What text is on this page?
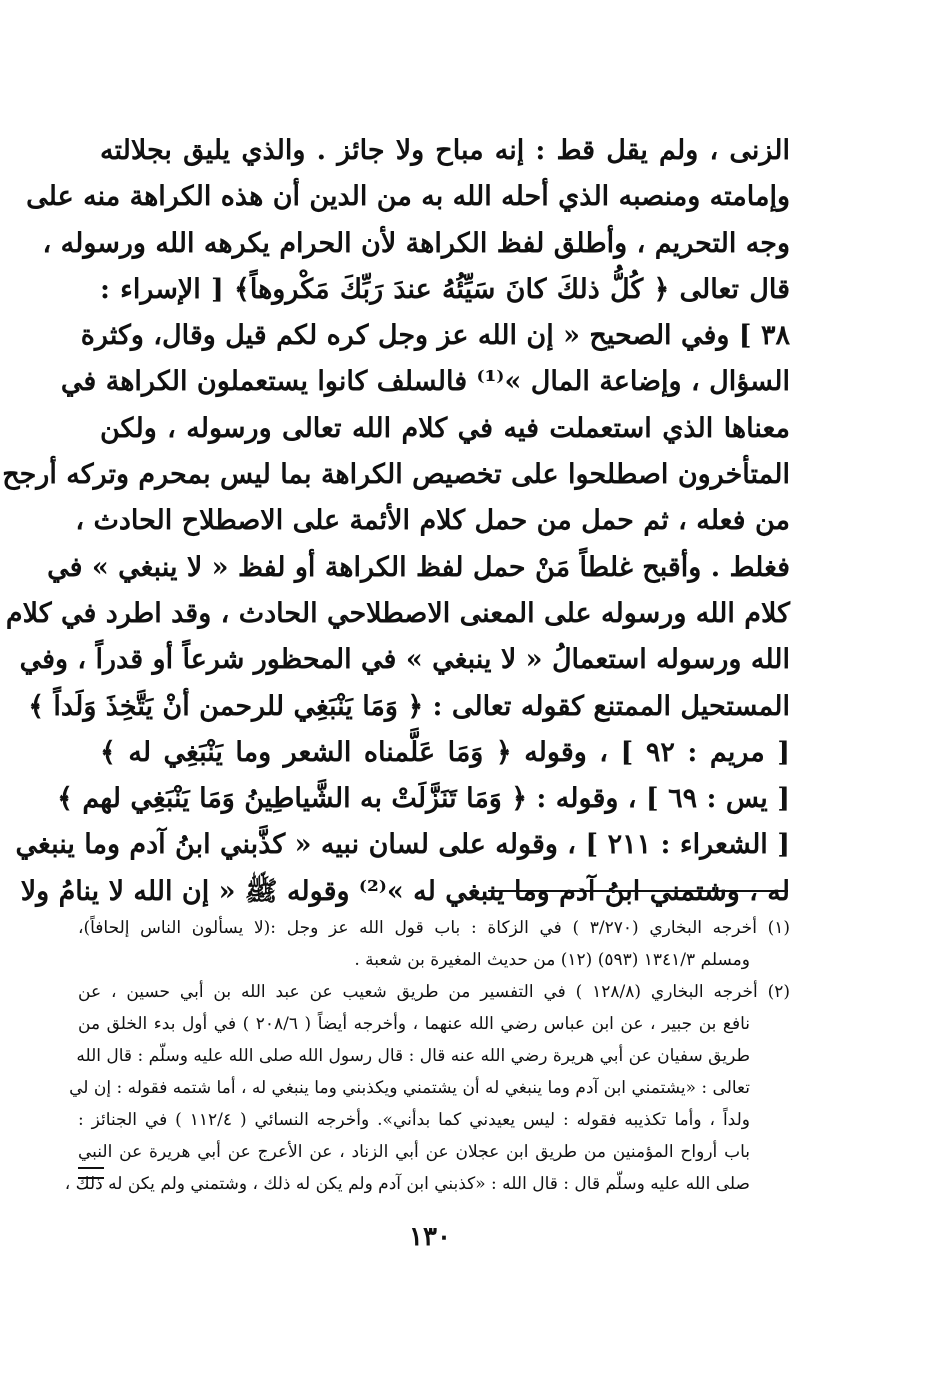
الزنى ، ولم يقل قط : إنه مباح ولا جائز . والذي يليق بجلالته
وإمامته ومنصبه الذي أحله الله به من الدين أن هذه الكراهة منه على
وجه التحريم ، وأطلق لفظ الكراهة لأن الحرام يكرهه الله ورسوله ،
قال تعالى ﴿ كُلُّ ذلكَ كانَ سَيِّئُهُ عندَ رَبِّكَ مَكْروهاً﴾ [ الإسراء :
٣٨ ] وفي الصحيح « إن الله عز وجل كره لكم قيل وقال، وكثرة
السؤال ، وإضاعة المال »⁽¹⁾ فالسلف كانوا يستعملون الكراهة في
معناها الذي استعملت فيه في كلام الله تعالى ورسوله ، ولكن
المتأخرون اصطلحوا على تخصيص الكراهة بما ليس بمحرم وتركه أرجح
من فعله ، ثم حمل من حمل كلام الأئمة على الاصطلاح الحادث ،
فغلط . وأقبح غلطاً مَنْ حمل لفظ الكراهة أو لفظ « لا ينبغي » في
كلام الله ورسوله على المعنى الاصطلاحي الحادث ، وقد اطرد في كلام
الله ورسوله استعمالُ « لا ينبغي » في المحظور شرعاً أو قدراً ، وفي
المستحيل الممتنع كقوله تعالى : ﴿ وَمَا يَنْبَغِي للرحمن أنْ يَتَّخِذَ وَلَداً ﴾
[ مريم : ٩٢ ] ، وقوله ﴿ وَمَا عَلَّمناه الشعر وما يَنْبَغِي له ﴾
[ يس : ٦٩ ] ، وقوله : ﴿ وَمَا تَنَزَّلَتْ به الشَّياطِينُ وَمَا يَنْبَغِي لهم ﴾
[ الشعراء : ٢١١ ] ، وقوله على لسان نبيه « كذَّبني ابنُ آدم وما ينبغي
له ، وشتمني ابنُ آدم وما ينبغي له »⁽²⁾ وقوله ﷺ « إن الله لا ينامُ ولا
(١) أخرجه البخاري (٣/٢٧٠ ) في الزكاة : باب قول الله عز وجل :(لا يسألون الناس إلحافاً)،
ومسلم ١٣٤١/٣ (٥٩٣) (١٢) من حديث المغيرة بن شعبة .
(٢) أخرجه البخاري (١٢٨/٨ ) في التفسير من طريق شعيب عن عبد الله بن أبي حسين ، عن
نافع بن جبير ، عن ابن عباس رضي الله عنهما ، وأخرجه أيضاً ( ٢٠٨/٦ ) في أول بدء الخلق من
طريق سفيان عن أبي هريرة رضي الله عنه قال : قال رسول الله صلى الله عليه وسلّم : قال الله
تعالى : «يشتمني ابن آدم وما ينبغي له أن يشتمني ويكذبني وما ينبغي له ، أما شتمه فقوله : إن لي
ولداً ، وأما تكذيبه فقوله : ليس يعيدني كما بدأني». وأخرجه النسائي ( ١١٢/٤ ) في الجنائز :
باب أرواح المؤمنين من طريق ابن عجلان عن أبي الزناد ، عن الأعرج عن أبي هريرة عن النبي
صلى الله عليه وسلّم قال : قال الله : «كذبني ابن آدم ولم يكن له ذلك ، وشتمني ولم يكن له ذلك ،
١٣٠
